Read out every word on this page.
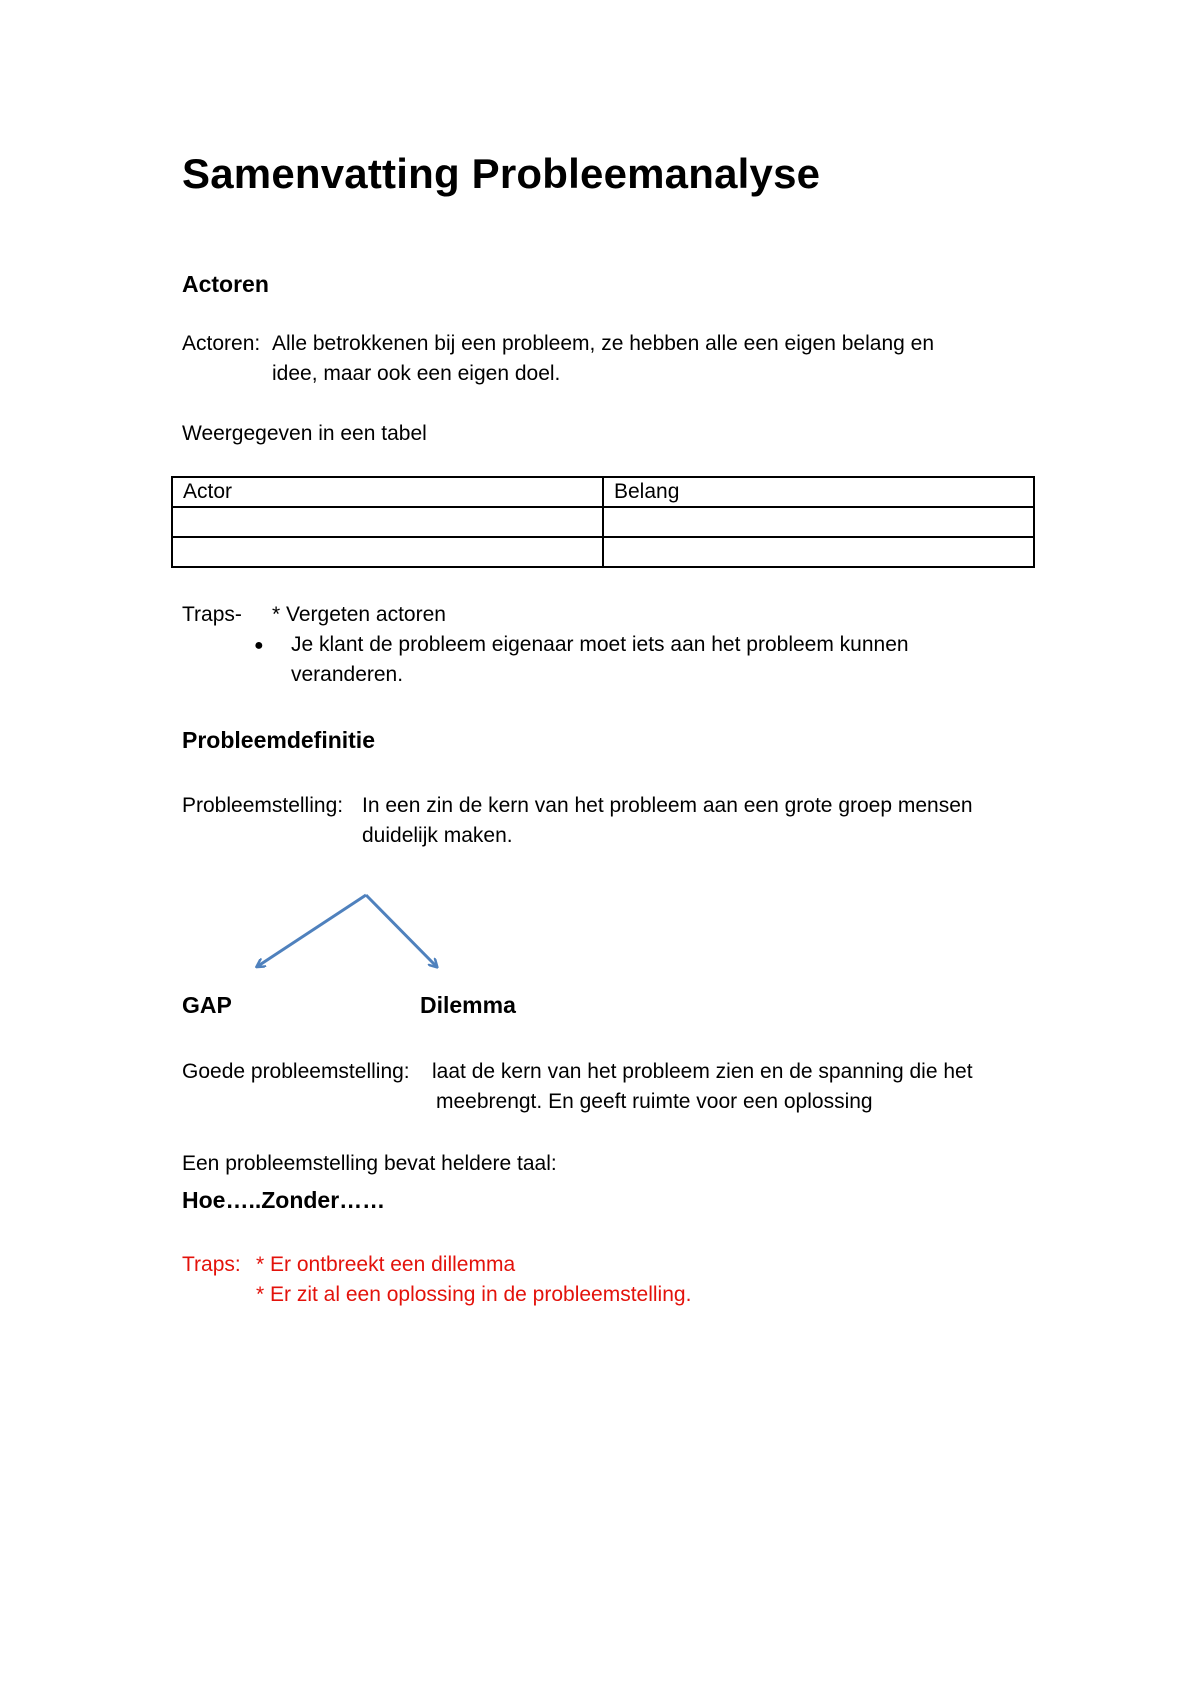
Samenvatting Probleemanalyse
Actoren
Actoren: Alle betrokkenen bij een probleem, ze hebben alle een eigen belang en
idee, maar ook een eigen doel.
Weergegeven in een tabel
Actor	Belang

Traps- * Vergeten actoren
● Je klant de probleem eigenaar moet iets aan het probleem kunnen
veranderen.
Probleemdefinitie
Probleemstelling: In een zin de kern van het probleem aan een grote groep mensen
duidelijk maken.
GAP	Dilemma
Goede probleemstelling: laat de kern van het probleem zien en de spanning die het
meebrengt. En geeft ruimte voor een oplossing
Een probleemstelling bevat heldere taal:
Hoe…..Zonder……
Traps: * Er ontbreekt een dillemma
* Er zit al een oplossing in de probleemstelling.
